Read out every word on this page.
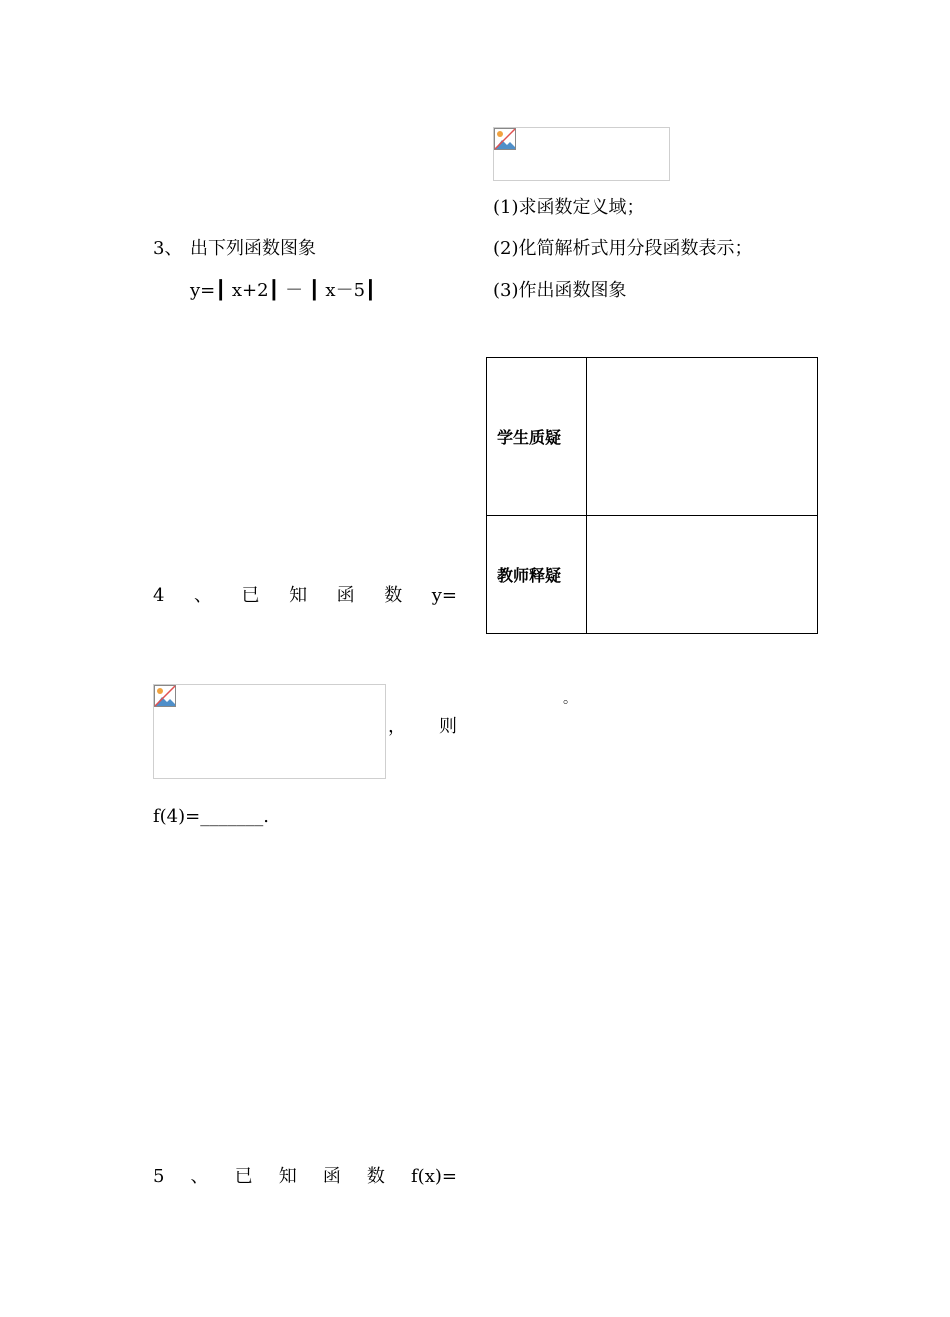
(1)求函数定义域；
(2)化简解析式用分段函数表示；
(3)作出函数图象
3、 出下列函数图象
y=┃ x+2┃ － ┃ x－5┃
学生质疑	
教师释疑	
4 、 已 知 函 数 y=
， 则
。
f(4)=_______.
5 、 已 知 函 数 f(x)=
